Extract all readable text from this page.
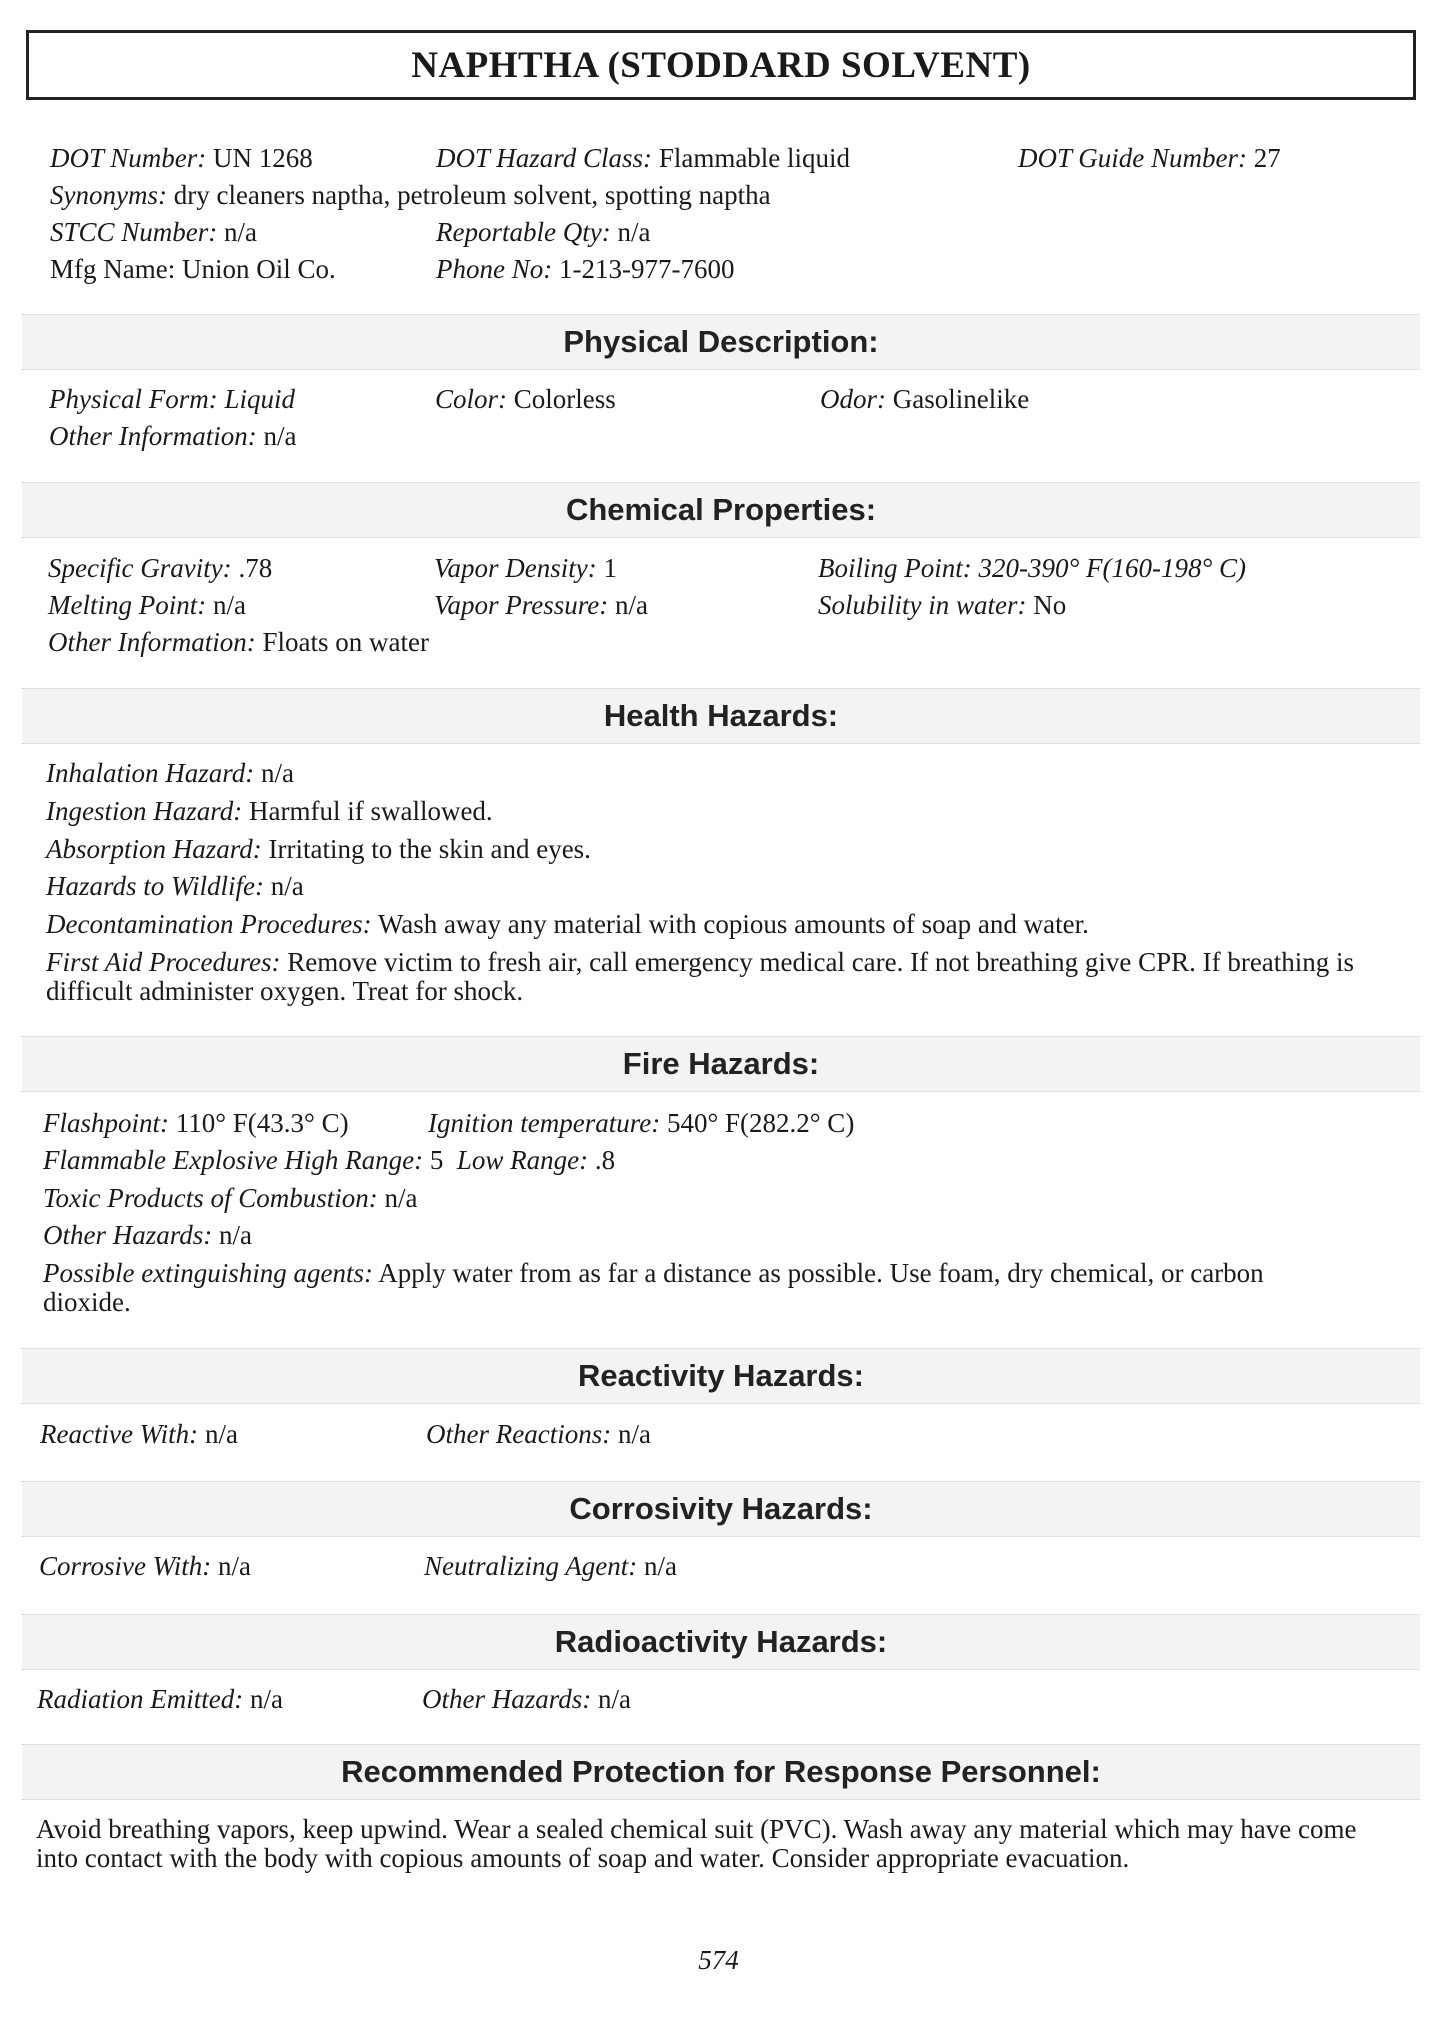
NAPHTHA (STODDARD SOLVENT)
DOT Number: UN 1268	DOT Hazard Class: Flammable liquid	DOT Guide Number: 27
Synonyms: dry cleaners naptha, petroleum solvent, spotting naptha
STCC Number: n/a	Reportable Qty: n/a
Mfg Name: Union Oil Co.	Phone No: 1-213-977-7600
Physical Description:
Physical Form: Liquid	Color: Colorless	Odor: Gasolinelike
Other Information: n/a
Chemical Properties:
Specific Gravity: .78	Vapor Density: 1	Boiling Point: 320-390° F(160-198° C)
Melting Point: n/a	Vapor Pressure: n/a	Solubility in water: No
Other Information: Floats on water
Health Hazards:
Inhalation Hazard: n/a
Ingestion Hazard: Harmful if swallowed.
Absorption Hazard: Irritating to the skin and eyes.
Hazards to Wildlife: n/a
Decontamination Procedures: Wash away any material with copious amounts of soap and water.
First Aid Procedures: Remove victim to fresh air, call emergency medical care. If not breathing give CPR. If breathing is difficult administer oxygen. Treat for shock.
Fire Hazards:
Flashpoint: 110° F(43.3° C)	Ignition temperature: 540° F(282.2° C)
Flammable Explosive High Range: 5 Low Range: .8
Toxic Products of Combustion: n/a
Other Hazards: n/a
Possible extinguishing agents: Apply water from as far a distance as possible. Use foam, dry chemical, or carbon dioxide.
Reactivity Hazards:
Reactive With: n/a	Other Reactions: n/a
Corrosivity Hazards:
Corrosive With: n/a	Neutralizing Agent: n/a
Radioactivity Hazards:
Radiation Emitted: n/a	Other Hazards: n/a
Recommended Protection for Response Personnel:
Avoid breathing vapors, keep upwind. Wear a sealed chemical suit (PVC). Wash away any material which may have come into contact with the body with copious amounts of soap and water. Consider appropriate evacuation.
574
